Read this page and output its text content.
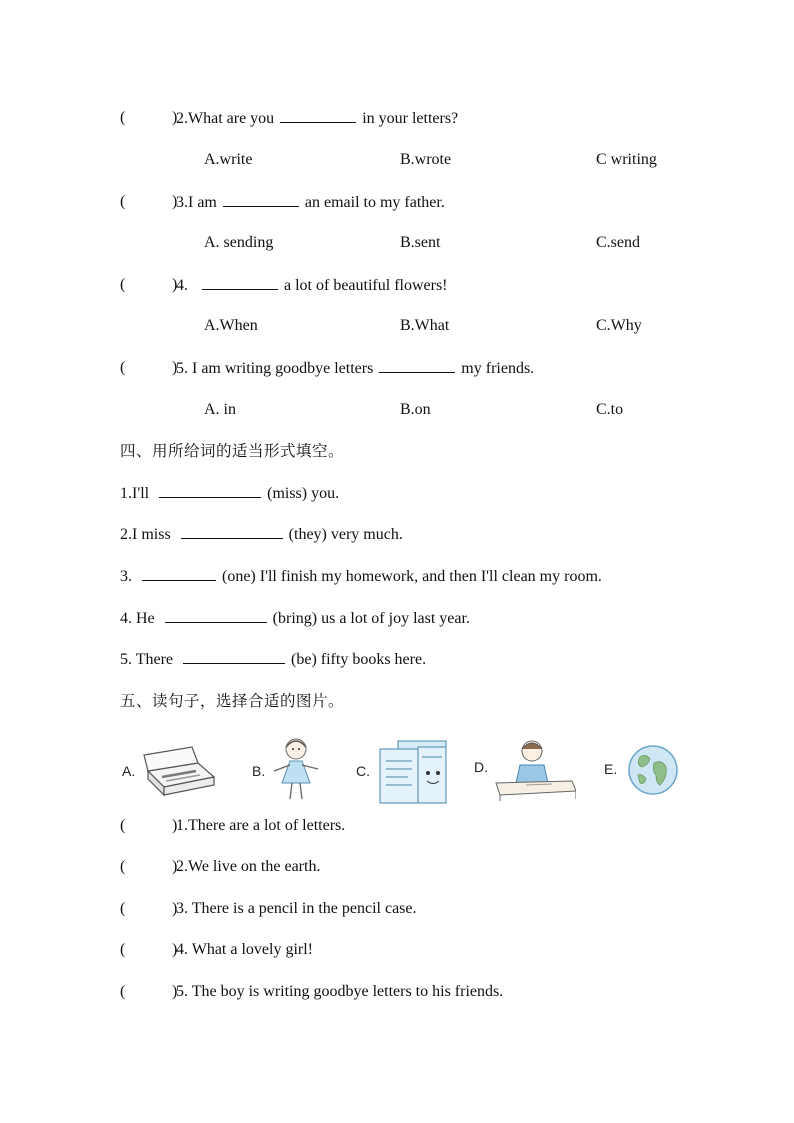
(	)
2.What are you	in your letters?
A.write	B.wrote	C writing
(	)
3.I am	an email to my father.
A. sending	B.sent	C.send
(	)
4.	a lot of beautiful flowers!
A.When	B.What	C.Why
(	)
5. I am writing goodbye letters	my friends.
A. in	B.on	C.to
四、用所给词的适当形式填空。
1.I'll	(miss) you.
2.I miss	(they) very much.
3.	(one) I'll finish my homework, and then I'll clean my room.
4. He	(bring) us a lot of joy last year.
5. There	(be) fifty books here.
五、读句子，选择合适的图片。
A.	B.	C.	D.	E.
(	)
1.There are a lot of letters.
(	)
2.We live on the earth.
(	)
3. There is a pencil in the pencil case.
(	)
4. What a lovely girl!
(	)
5. The boy is writing goodbye letters to his friends.
